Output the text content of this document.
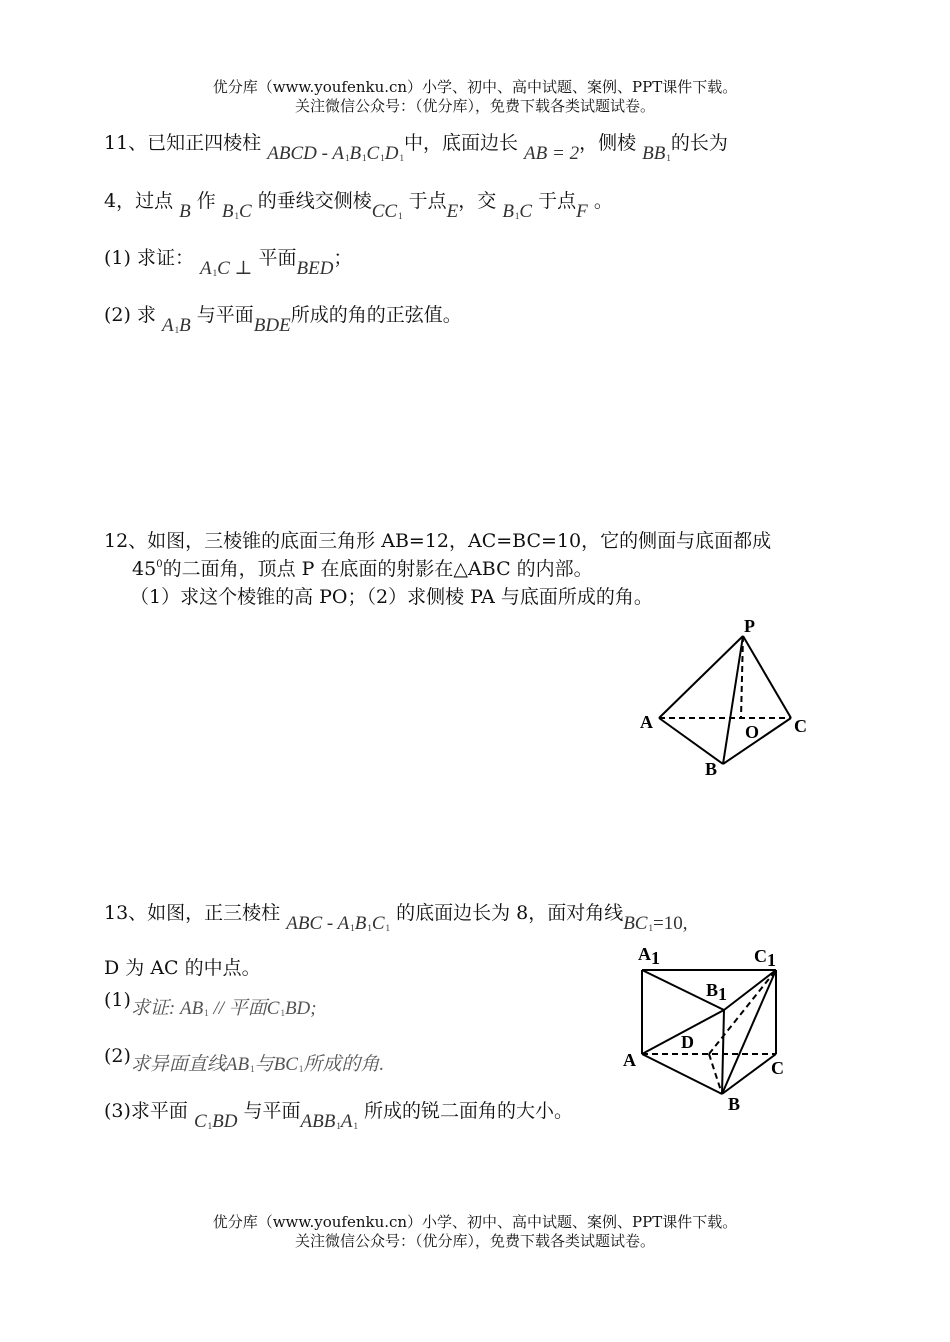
优分库（www.youfenku.cn）小学、初中、高中试题、案例、PPT课件下载。
关注微信公众号：（优分库），免费下载各类试题试卷。
11、已知正四棱柱 ABCD - A1B1C1D1中，底面边长 AB = 2，侧棱 BB1的长为
4，过点 B 作 B1C 的垂线交侧棱CC1 于点E，交 B1C 于点F 。
(1) 求证： A1C ⊥ 平面BED；
(2) 求 A1B 与平面BDE所成的角的正弦值。
12、如图，三棱锥的底面三角形 AB=12，AC=BC=10，它的侧面与底面都成
$45^0$的二面角，顶点 P 在底面的射影在△ABC 的内部。
（1）求这个棱锥的高 PO；（2）求侧棱 PA 与底面所成的角。
P
A	C
O
B
13、如图，正三棱柱 ABC - A1B1C1 的底面边长为 8，面对角线BC1=10,
D 为 AC 的中点。
(1)求证: AB1 // 平面C1BD;
(2)求异面直线AB1与BC1所成的角.
(3)求平面 C1BD 与平面ABB1A1 所成的锐二面角的大小。
A1	C1
B1
D
A	C
B
优分库（www.youfenku.cn）小学、初中、高中试题、案例、PPT课件下载。
关注微信公众号：（优分库），免费下载各类试题试卷。
